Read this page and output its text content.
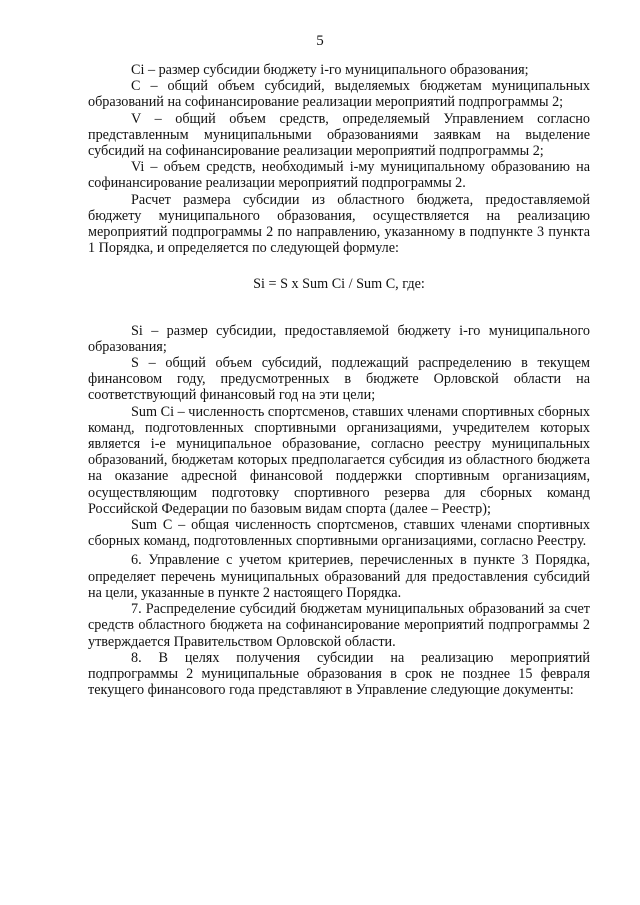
5

Ci – размер субсидии бюджету i-го муниципального образования;

C – общий объем субсидий, выделяемых бюджетам муниципальных образований на софинансирование реализации мероприятий подпрограммы 2;

V – общий объем средств, определяемый Управлением согласно представленным муниципальными образованиями заявкам на выделение субсидий на софинансирование реализации мероприятий подпрограммы 2;

Vi – объем средств, необходимый i-му муниципальному образованию на софинансирование реализации мероприятий подпрограммы 2.

Расчет размера субсидии из областного бюджета, предоставляемой бюджету муниципального образования, осуществляется на реализацию мероприятий подпрограммы 2 по направлению, указанному в подпункте 3 пункта 1 Порядка, и определяется по следующей формуле:

Si = S x Sum Ci / Sum C, где:

Si – размер субсидии, предоставляемой бюджету i-го муниципального образования;

S – общий объем субсидий, подлежащий распределению в текущем финансовом году, предусмотренных в бюджете Орловской области на соответствующий финансовый год на эти цели;

Sum Ci – численность спортсменов, ставших членами спортивных сборных команд, подготовленных спортивными организациями, учредителем которых является i-е муниципальное образование, согласно реестру муниципальных образований, бюджетам которых предполагается субсидия из областного бюджета на оказание адресной финансовой поддержки спортивным организациям, осуществляющим подготовку спортивного резерва для сборных команд Российской Федерации по базовым видам спорта (далее – Реестр);

Sum C – общая численность спортсменов, ставших членами спортивных сборных команд, подготовленных спортивными организациями, согласно Реестру.

6. Управление с учетом критериев, перечисленных в пункте 3 Порядка, определяет перечень муниципальных образований для предоставления субсидий на цели, указанные в пункте 2 настоящего Порядка.

7. Распределение субсидий бюджетам муниципальных образований за счет средств областного бюджета на софинансирование мероприятий подпрограммы 2 утверждается Правительством Орловской области.

8. В целях получения субсидии на реализацию мероприятий подпрограммы 2 муниципальные образования в срок не позднее 15 февраля текущего финансового года представляют в Управление следующие документы:
